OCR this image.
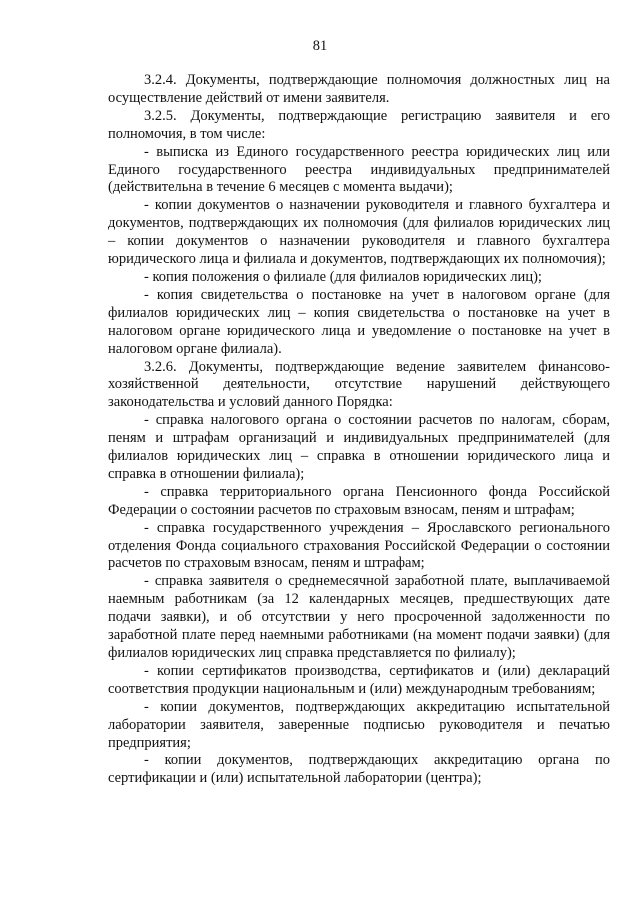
81

3.2.4. Документы, подтверждающие полномочия должностных лиц на осуществление действий от имени заявителя.

3.2.5. Документы, подтверждающие регистрацию заявителя и его полномочия, в том числе:

- выписка из Единого государственного реестра юридических лиц или Единого государственного реестра индивидуальных предпринимателей (действительна в течение 6 месяцев с момента выдачи);

- копии документов о назначении руководителя и главного бухгалтера и документов, подтверждающих их полномочия (для филиалов юридических лиц – копии документов о назначении руководителя и главного бухгалтера юридического лица и филиала и документов, подтверждающих их полномочия);

- копия положения о филиале (для филиалов юридических лиц);

- копия свидетельства о постановке на учет в налоговом органе (для филиалов юридических лиц – копия свидетельства о постановке на учет в налоговом органе юридического лица и уведомление о постановке на учет в налоговом органе филиала).

3.2.6. Документы, подтверждающие ведение заявителем финансово-хозяйственной деятельности, отсутствие нарушений действующего законодательства и условий данного Порядка:

- справка налогового органа о состоянии расчетов по налогам, сборам, пеням и штрафам организаций и индивидуальных предпринимателей (для филиалов юридических лиц – справка в отношении юридического лица и справка в отношении филиала);

- справка территориального органа Пенсионного фонда Российской Федерации о состоянии расчетов по страховым взносам, пеням и штрафам;

- справка государственного учреждения – Ярославского регионального отделения Фонда социального страхования Российской Федерации о состоянии расчетов по страховым взносам, пеням и штрафам;

- справка заявителя о среднемесячной заработной плате, выплачиваемой наемным работникам (за 12 календарных месяцев, предшествующих дате подачи заявки), и об отсутствии у него просроченной задолженности по заработной плате перед наемными работниками (на момент подачи заявки) (для филиалов юридических лиц справка представляется по филиалу);

- копии сертификатов производства, сертификатов и (или) деклараций соответствия продукции национальным и (или) международным требованиям;

- копии документов, подтверждающих аккредитацию испытательной лаборатории заявителя, заверенные подписью руководителя и печатью предприятия;

- копии документов, подтверждающих аккредитацию органа по сертификации и (или) испытательной лаборатории (центра);
